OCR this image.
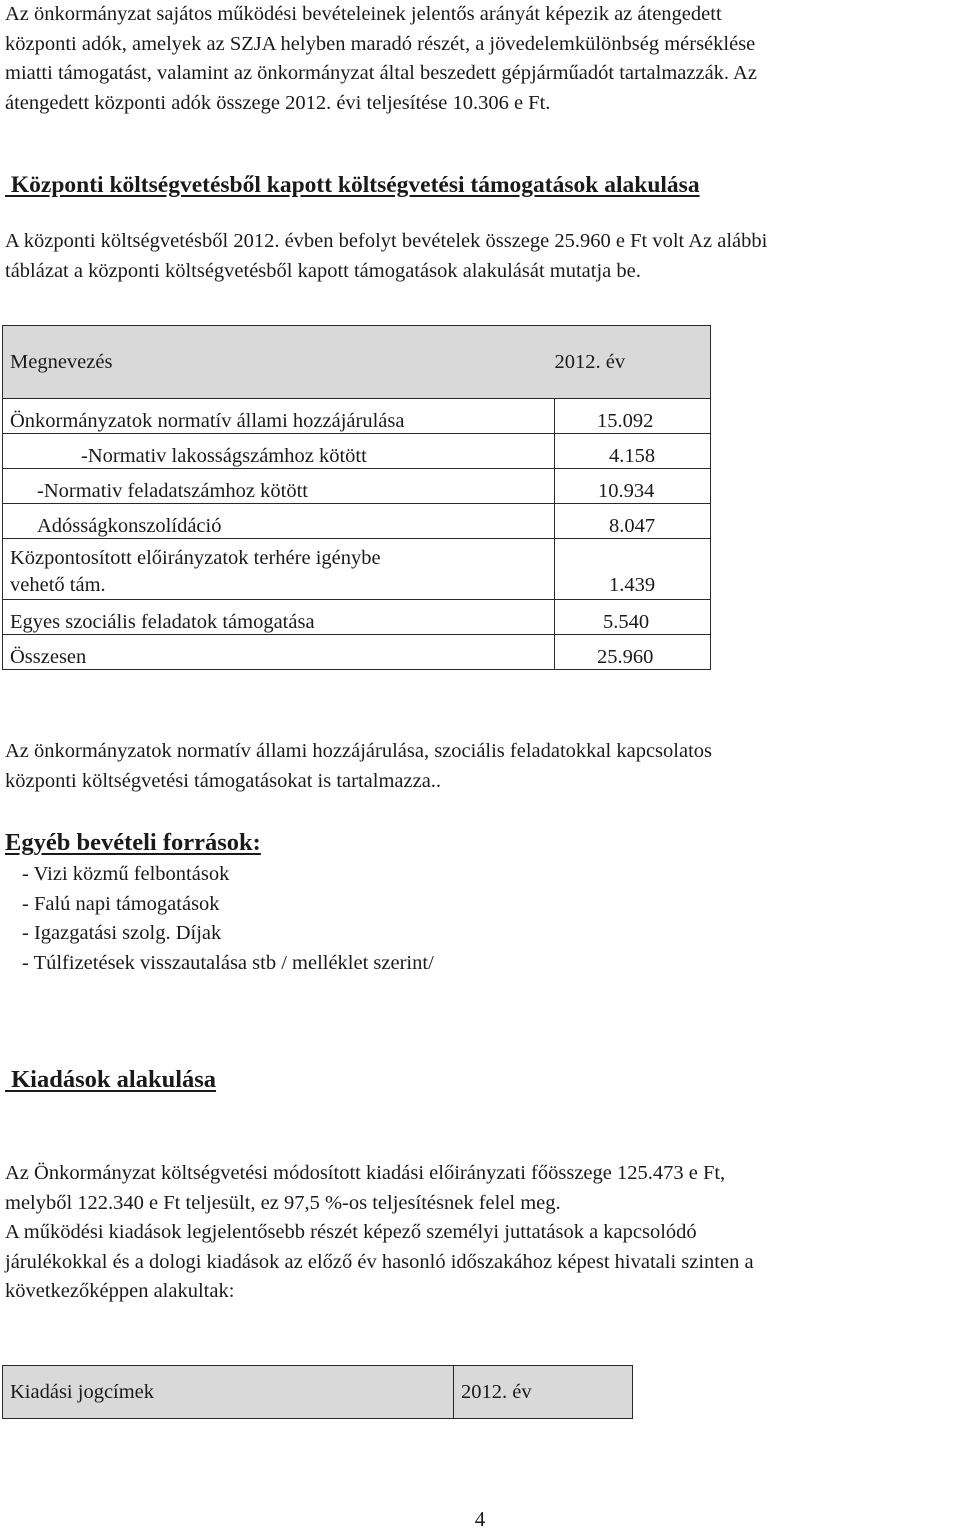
Az önkormányzat sajátos működési bevételeinek jelentős arányát képezik az átengedett
központi adók, amelyek az SZJA helyben maradó részét, a jövedelemkülönbség mérséklése
miatti támogatást, valamint az önkormányzat által beszedett gépjárműadót tartalmazzák. Az
átengedett központi adók összege 2012. évi teljesítése 10.306 e Ft.
Központi költségvetésből kapott költségvetési támogatások alakulása
A központi költségvetésből 2012. évben befolyt bevételek összege 25.960 e Ft volt Az alábbi
táblázat a központi költségvetésből kapott támogatások alakulását mutatja be.
Megnevezés	2012. év
Önkormányzatok normatív állami hozzájárulása	15.092
-Normativ lakosságszámhoz kötött	4.158
-Normativ feladatszámhoz kötött	10.934
Adósságkonszolídáció	8.047

Központosított előirányzatok terhére igénybe
vehető tám.	1.439
Egyes szociális feladatok támogatása	5.540
Összesen	25.960
Az önkormányzatok normatív állami hozzájárulása, szociális feladatokkal kapcsolatos
központi költségvetési támogatásokat is tartalmazza..
Egyéb bevételi források:
- Vizi közmű felbontások
- Falú napi támogatások
- Igazgatási szolg. Díjak
- Túlfizetések visszautalása stb / melléklet szerint/
Kiadások alakulása
Az Önkormányzat költségvetési módosított kiadási előirányzati főösszege 125.473 e Ft,
melyből 122.340 e Ft teljesült, ez 97,5 %-os teljesítésnek felel meg.
A működési kiadások legjelentősebb részét képező személyi juttatások a kapcsolódó
járulékokkal és a dologi kiadások az előző év hasonló időszakához képest hivatali szinten a
következőképpen alakultak:
Kiadási jogcímek	2012. év

4
